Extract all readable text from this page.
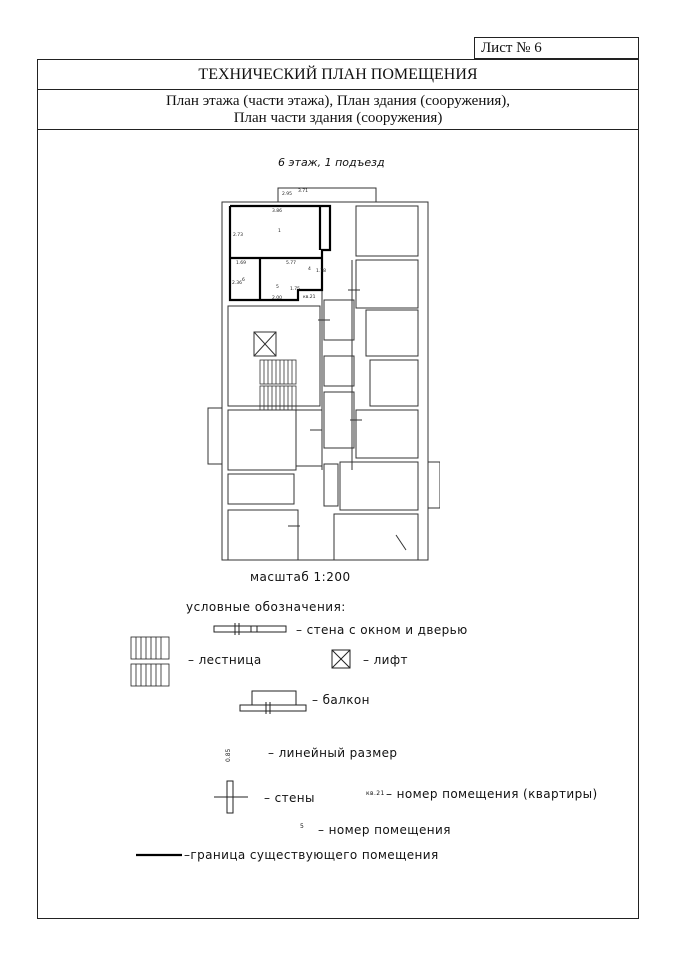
Лист № 6
ТЕХНИЧЕСКИЙ ПЛАН ПОМЕЩЕНИЯ
План этажа (части этажа), План здания (сооружения),
План части здания (сооружения)
6 этаж, 1 подъезд
2.95
3.71
3.86
2.73
1.69	5.77
2.36
2.00
1.75
1.78
1
4
5
6
кв.21
масштаб 1:200
условные обозначения:
– стена с окном и дверью
– лестница	– лифт
– балкон
0.85	– линейный размер
– стены	кв.21 – номер помещения (квартиры)
5 – номер помещения
–граница существующего помещения
